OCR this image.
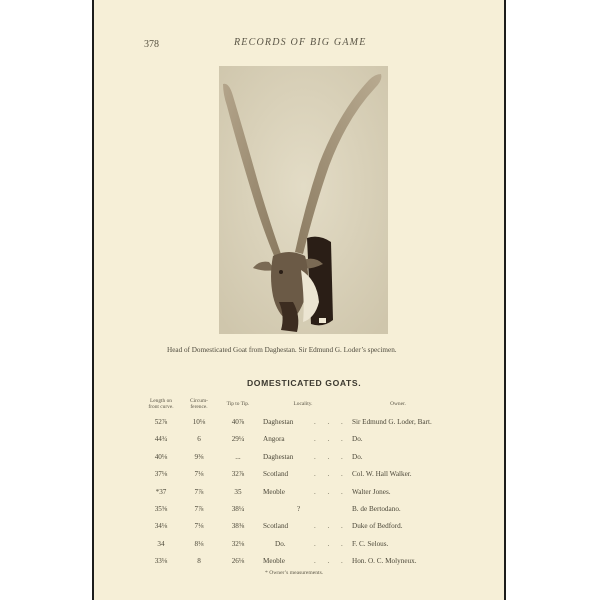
378	RECORDS OF BIG GAME
Head of Domesticated Goat from Daghestan. Sir Edmund G. Loder’s specimen.
DOMESTICATED GOATS.
Length on
front curve.
Circum-
ference.	Tip to Tip.	Locality.	Owner.
52⅞	10⅛	40⅞	Daghestan	. . . Sir Edmund G. Loder, Bart.
44¾	6	29¼	Angora	. . . Do.
40⅛	9⅜	...	Daghestan	. . . Do.
37⅛	7⅛	32⅞	Scotland	. . . Col. W. Hall Walker.
*37	7⅞	35	Meoble	. . . Walter Jones.
35⅝	7⅞	38¼	?	B. de Bertodano.
34⅛	7⅛	38⅜	Scotland	. . . Duke of Bedford.
34	8⅛	32⅛	Do.	. . . F. C. Selous.
33⅛	8	26⅛	Meoble	. . . Hon. O. C. Molyneux.
* Owner’s measurements.
